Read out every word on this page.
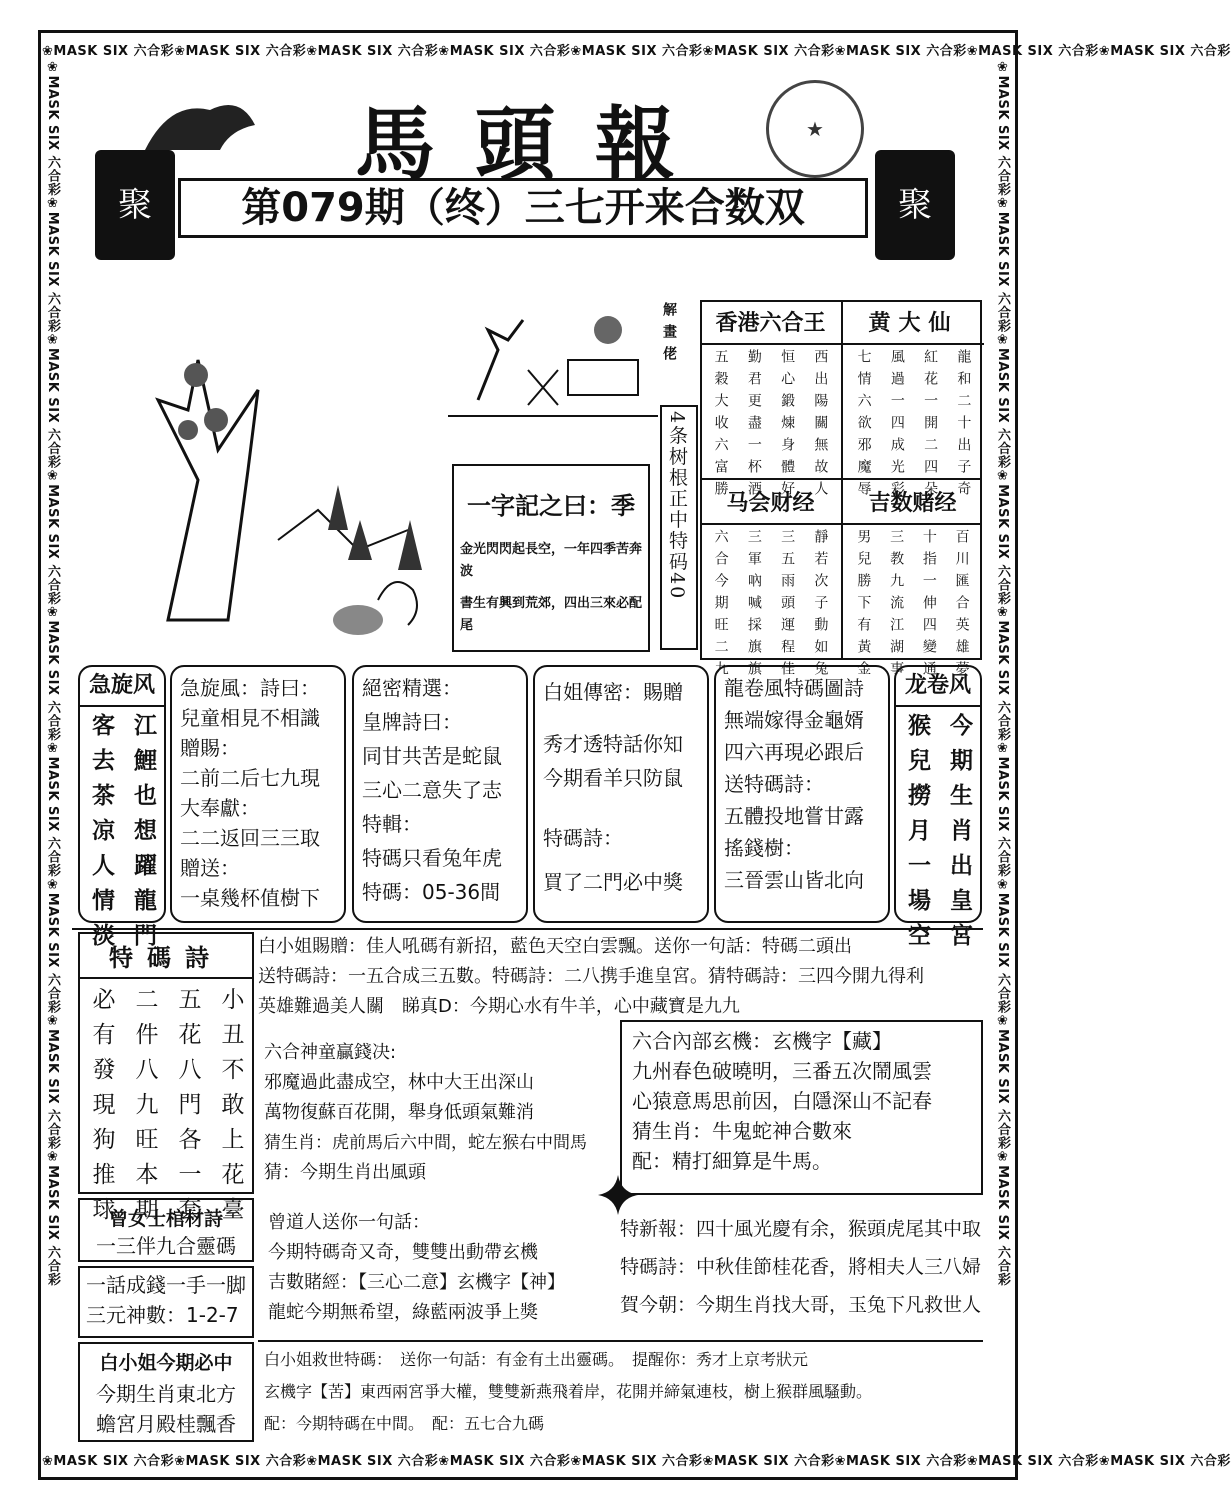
❀MASK SIX 六合彩❀MASK SIX 六合彩❀MASK SIX 六合彩❀MASK SIX 六合彩❀MASK SIX 六合彩❀MASK SIX 六合彩❀MASK SIX 六合彩❀MASK SIX 六合彩❀MASK SIX 六合彩
❀MASK SIX 六合彩❀MASK SIX 六合彩❀MASK SIX 六合彩❀MASK SIX 六合彩❀MASK SIX 六合彩❀MASK SIX 六合彩❀MASK SIX 六合彩❀MASK SIX 六合彩❀MASK SIX 六合彩
❀MASK SIX 六合彩❀MASK SIX 六合彩❀MASK SIX 六合彩❀MASK SIX 六合彩❀MASK SIX 六合彩❀MASK SIX 六合彩❀MASK SIX 六合彩❀MASK SIX 六合彩❀MASK SIX 六合彩	❀MASK SIX 六合彩❀MASK SIX 六合彩❀MASK SIX 六合彩❀MASK SIX 六合彩❀MASK SIX 六合彩❀MASK SIX 六合彩❀MASK SIX 六合彩❀MASK SIX 六合彩❀MASK SIX 六合彩
馬頭報	★
聚	聚
第079期（终）三七开来合数双
解畫佬
4条树根正中特码40
一字記之曰：季
金光閃閃起長空，一年四季苦奔波
書生有興到荒郊，四出三來必配尾
香港六合王
西出陽關無故人
恒心鍛煉身體好
勤君更盡一杯酒
五穀大收六富勝
黄大仙
龍和二十出子奇
紅花一開二四朵
風過一四成光彩
七情六欲邪魔辱
马会财经
靜若次子動如兔
三五雨頭運程佳
三軍吶喊採旗旗
六合今期旺二九
吉数赌经
百川匯合英雄夢
十指一伸四變通
三教九流江湖事
男兒勝下有黃金
急旋风
江鯉也想躍龍門
客去茶凉人情淡
急旋風：詩曰：
兒童相見不相識
贈賜：
二前二后七九現
大奉獻：
二二返回三三取
贈送：
一桌幾杯值樹下
絕密精選：
皇牌詩曰：
同甘共苦是蛇鼠
三心二意失了志
特輯：
特碼只看兔年虎
特碼：05-36間
白姐傳密：賜贈
秀才透特話你知
今期看羊只防鼠
特碼詩：
買了二門必中獎
龍卷風特碼圖詩
無端嫁得金龜婿
四六再現必跟后
送特碼詩：
五體投地嘗甘露
搖錢樹：
三晉雲山皆北向
龙卷风
今期生肖出皇宮
猴兒撈月一場空
特碼詩
小丑不敢上花臺
五花八門各一套
二件八九旺本期
必有發現狗推球
白小姐賜贈：佳人吼碼有新招，藍色天空白雲飄。送你一句話：特碼二頭出
送特碼詩：一五合成三五數。特碼詩：二八携手進皇宮。猜特碼詩：三四今開九得利
英雄難過美人關　睇真D：今期心水有牛羊，心中藏寶是九九
六合神童贏錢决:
邪魔過此盡成空，林中大王出深山
萬物復蘇百花開，舉身低頭氣難消
猜生肖：虎前馬后六中間，蛇左猴右中間馬
猜：今期生肖出風頭
六合內部玄機：玄機字【藏】
九州春色破曉明，三番五次鬧風雲
心猿意馬思前因，白隱深山不記春
猜生肖：牛鬼蛇神合數來
配：精打細算是牛馬。
曾女士棺材詩
一三伴九合靈碼
一話成錢一手一脚
三元神數：1-2-7
曾道人送你一句話：
今期特碼奇又奇，雙雙出動帶玄機
吉數賭經：【三心二意】玄機字【神】
龍蛇今期無希望，綠藍兩波爭上獎
特新報：四十風光慶有余，猴頭虎尾其中取
特碼詩：中秋佳節桂花香，將相夫人三八婦
賀今朝：今期生肖找大哥，玉兔下凡救世人
白小姐今期必中
今期生肖東北方
蟾宮月殿桂飄香
白小姐救世特碼：　送你一句話：有金有土出靈碼。　提醒你：秀才上京考狀元
玄機字【苦】東西兩宮爭大權，雙雙新燕飛着岸，花開并締氣連枝，樹上猴群風騷動。
配：今期特碼在中間。　配：五七合九碼
